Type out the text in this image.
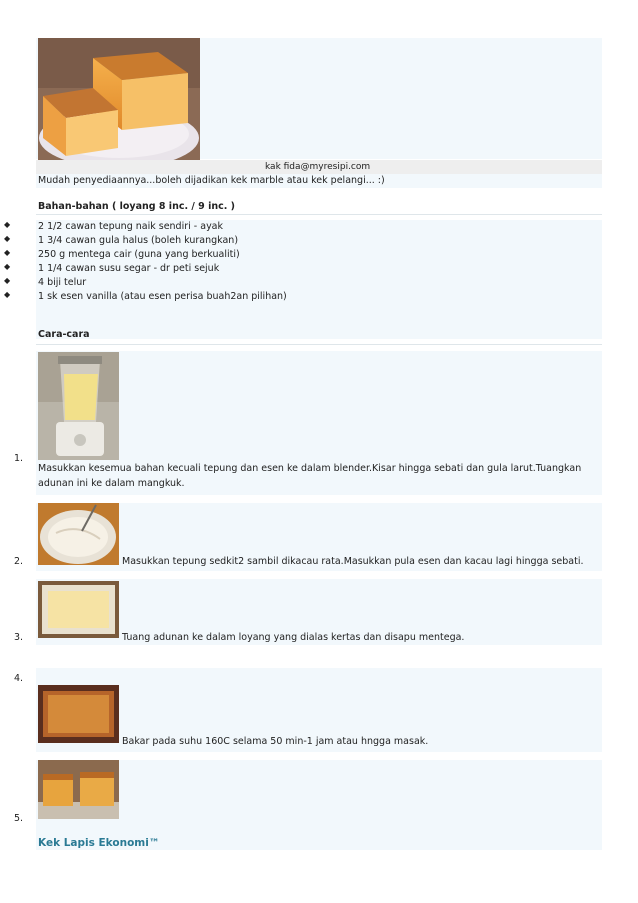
kak fida@myresipi.com
Mudah penyediaannya...boleh dijadikan kek marble atau kek pelangi... :)
Bahan-bahan ( loyang 8 inc. / 9 inc. )
◆	2 1/2 cawan tepung naik sendiri - ayak
◆	1 3/4 cawan gula halus (boleh kurangkan)
◆	250 g mentega cair (guna yang berkualiti)
◆	1 1/4 cawan susu segar - dr peti sejuk
◆	4 biji telur
◆	1 sk esen vanilla (atau esen perisa buah2an pilihan)
Cara-cara
1.
Masukkan kesemua bahan kecuali tepung dan esen ke dalam blender.Kisar hingga sebati dan gula larut.Tuangkan
adunan ini ke dalam mangkuk.
2.	Masukkan tepung sedkit2 sambil dikacau rata.Masukkan pula esen dan kacau lagi hingga sebati.
3.	Tuang adunan ke dalam loyang yang dialas kertas dan disapu mentega.
4.
Bakar pada suhu 160C selama 50 min-1 jam atau hngga masak.
5.
Kek Lapis Ekonomi™
